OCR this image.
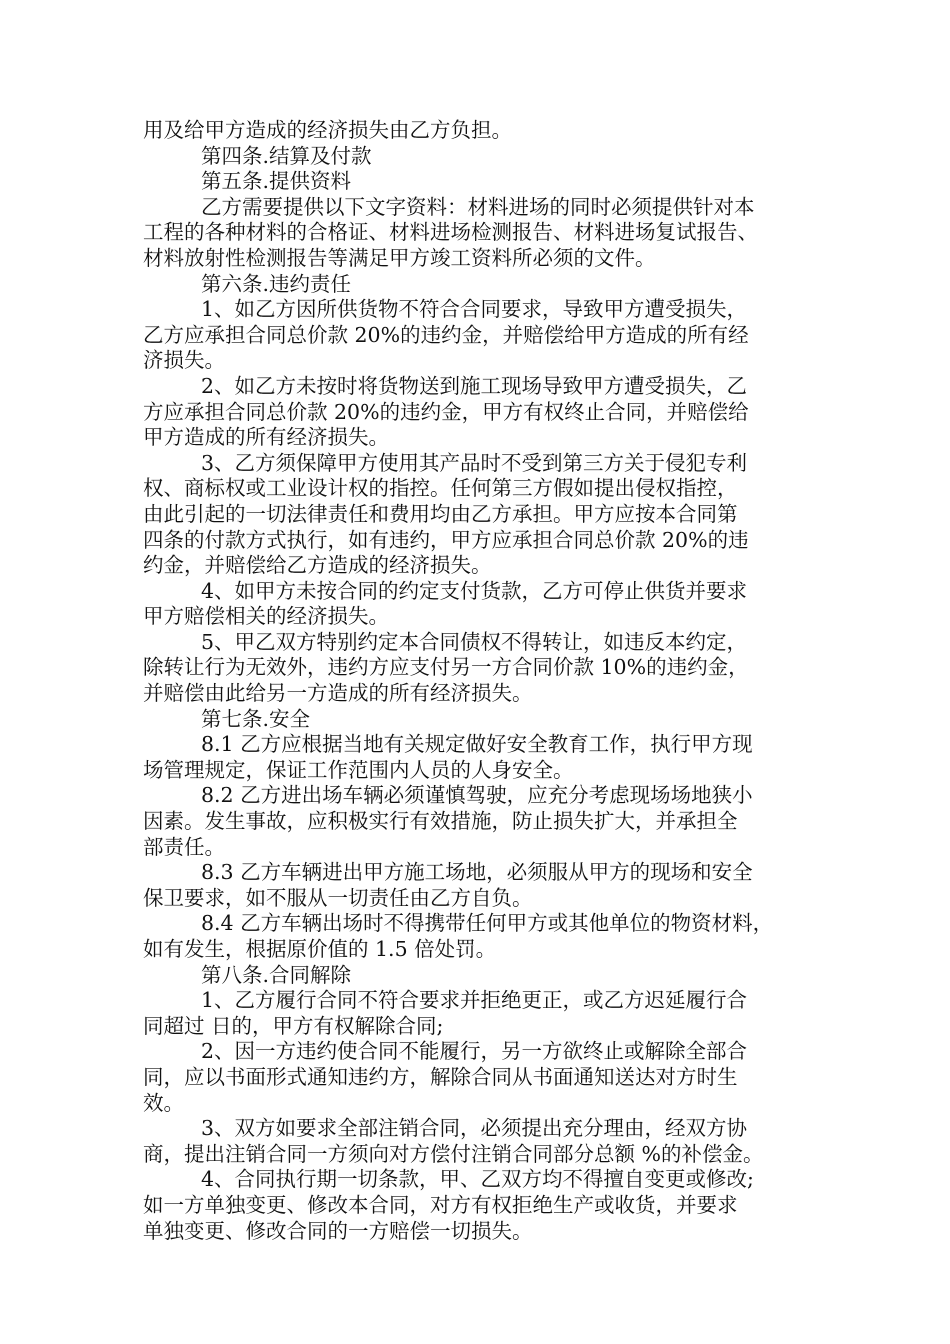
用及给甲方造成的经济损失由乙方负担。
第四条.结算及付款
第五条.提供资料
乙方需要提供以下文字资料：材料进场的同时必须提供针对本
工程的各种材料的合格证、材料进场检测报告、材料进场复试报告、
材料放射性检测报告等满足甲方竣工资料所必须的文件。
第六条.违约责任
1、如乙方因所供货物不符合合同要求，导致甲方遭受损失，
乙方应承担合同总价款 20%的违约金，并赔偿给甲方造成的所有经
济损失。
2、如乙方未按时将货物送到施工现场导致甲方遭受损失，乙
方应承担合同总价款 20%的违约金，甲方有权终止合同，并赔偿给
甲方造成的所有经济损失。
3、乙方须保障甲方使用其产品时不受到第三方关于侵犯专利
权、商标权或工业设计权的指控。任何第三方假如提出侵权指控，
由此引起的一切法律责任和费用均由乙方承担。甲方应按本合同第
四条的付款方式执行，如有违约，甲方应承担合同总价款 20%的违
约金，并赔偿给乙方造成的经济损失。
4、如甲方未按合同的约定支付货款，乙方可停止供货并要求
甲方赔偿相关的经济损失。
5、甲乙双方特别约定本合同债权不得转让，如违反本约定，
除转让行为无效外，违约方应支付另一方合同价款 10%的违约金，
并赔偿由此给另一方造成的所有经济损失。
第七条.安全
8.1 乙方应根据当地有关规定做好安全教育工作，执行甲方现
场管理规定，保证工作范围内人员的人身安全。
8.2 乙方进出场车辆必须谨慎驾驶，应充分考虑现场场地狭小
因素。发生事故，应积极实行有效措施，防止损失扩大，并承担全
部责任。
8.3 乙方车辆进出甲方施工场地，必须服从甲方的现场和安全
保卫要求，如不服从一切责任由乙方自负。
8.4 乙方车辆出场时不得携带任何甲方或其他单位的物资材料，
如有发生，根据原价值的 1.5 倍处罚。
第八条.合同解除
1、乙方履行合同不符合要求并拒绝更正，或乙方迟延履行合
同超过 日的，甲方有权解除合同;
2、因一方违约使合同不能履行，另一方欲终止或解除全部合
同，应以书面形式通知违约方，解除合同从书面通知送达对方时生
效。
3、双方如要求全部注销合同，必须提出充分理由，经双方协
商，提出注销合同一方须向对方偿付注销合同部分总额 %的补偿金。
4、合同执行期一切条款，甲、乙双方均不得擅自变更或修改;
如一方单独变更、修改本合同，对方有权拒绝生产或收货，并要求
单独变更、修改合同的一方赔偿一切损失。
